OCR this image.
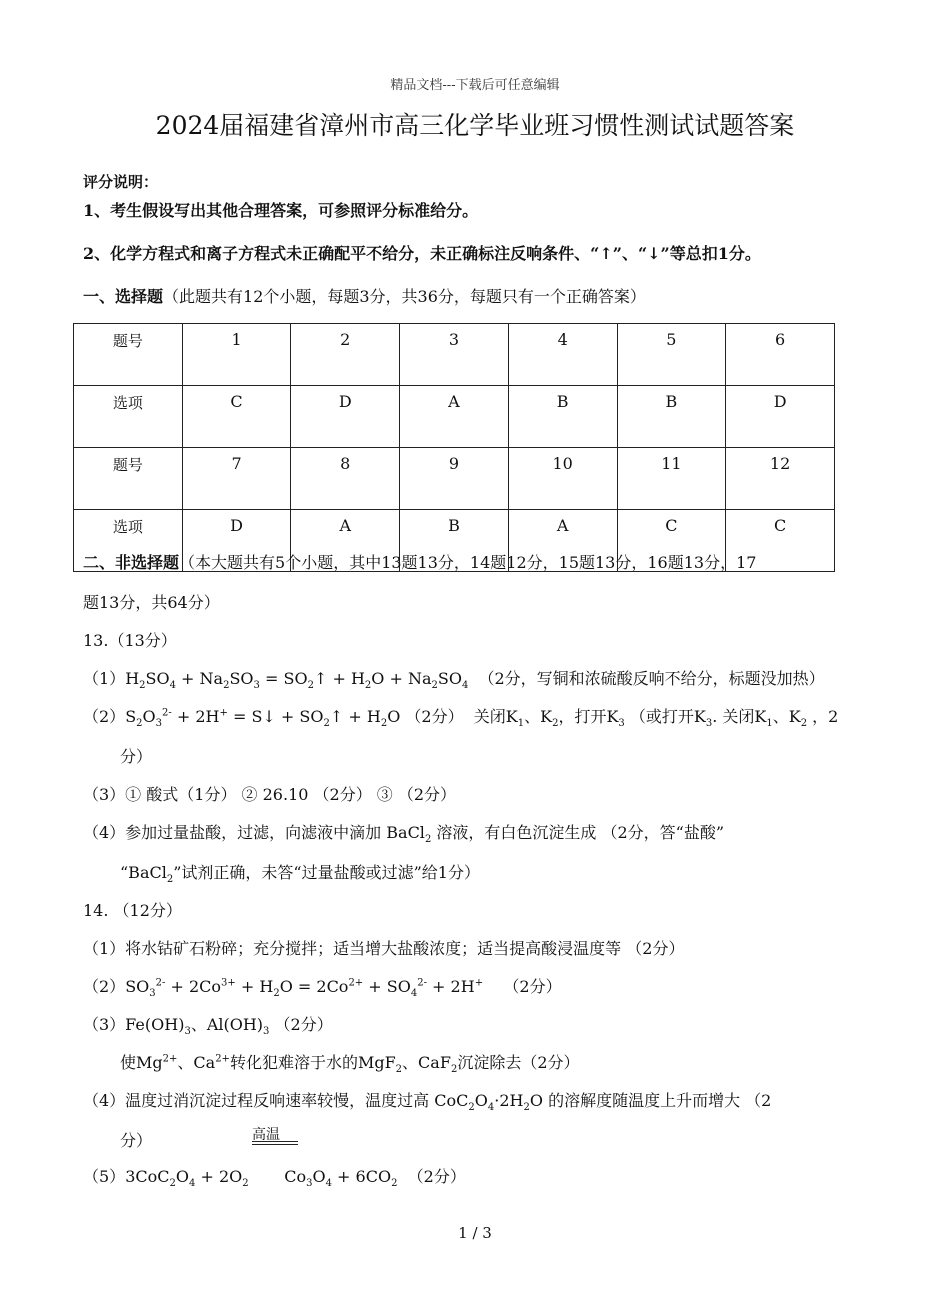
精品文档---下载后可任意编辑
2024届福建省漳州市高三化学毕业班习惯性测试试题答案
评分说明：
1、考生假设写出其他合理答案，可参照评分标准给分。
2、化学方程式和离子方程式未正确配平不给分，未正确标注反响条件、“↑”、“↓”等总扣1分。
一、选择题（此题共有12个小题，每题3分，共36分，每题只有一个正确答案）
题号	1	2	3	4	5	6
选项	C	D	A	B	B	D
题号	7	8	9	10	11	12
选项	D	A	B	A	C	C
二、非选择题（本大题共有5个小题，其中13题13分，14题12分，15题13分，16题13分，17
题13分，共64分）
13.（13分）
$(1)H_2SO_4 + Na_2SO_3$ = $SO_2↑ + H_2O + Na_2SO_4$ （2分，写铜和浓硫酸反响不给分，标题没加热）
$(2)S_2O_3^{2-} + 2H^+$ = S↓ + $SO_2↑ + H_2O$ （2分） 关闭$K_1$、$K_2$，打开$K_3$ （或打开$K_3$. 关闭$K_1$、$K_2$ ，2
分）
（3）① 酸式（1分） ② 26.10 （2分） ③ （2分）
（4）参加过量盐酸，过滤，向滤液中滴加 BaCl$_2$ 溶液，有白色沉淀生成 （2分，答“盐酸”
“BaCl$_2$”试剂正确，未答“过量盐酸或过滤”给1分）
14. （12分）
（1）将水钴矿石粉碎；充分搅拌；适当增大盐酸浓度；适当提高酸浸温度等 （2分）
$(2)SO_3^{2-} + 2Co^{3+} + H_2O = 2Co^{2+} + SO_4^{2-} + 2H^+$ （2分）
$(3)Fe(OH)_3$、$Al(OH)_3$ （2分）
使$Mg^{2+}$、$Ca^{2+}$转化犯难溶于水的MgF$_2$、CaF$_2$沉淀除去（2分）
（4）温度过消沉淀过程反响速率较慢，温度过高 $CoC_2O_4\cdot 2H_2O$ 的溶解度随温度上升而增大 （2
分）	高温
$(5)3CoC_2O_4 + 2O_2$       $Co_3O_4 + 6CO_2$ （2分）
1 / 3
